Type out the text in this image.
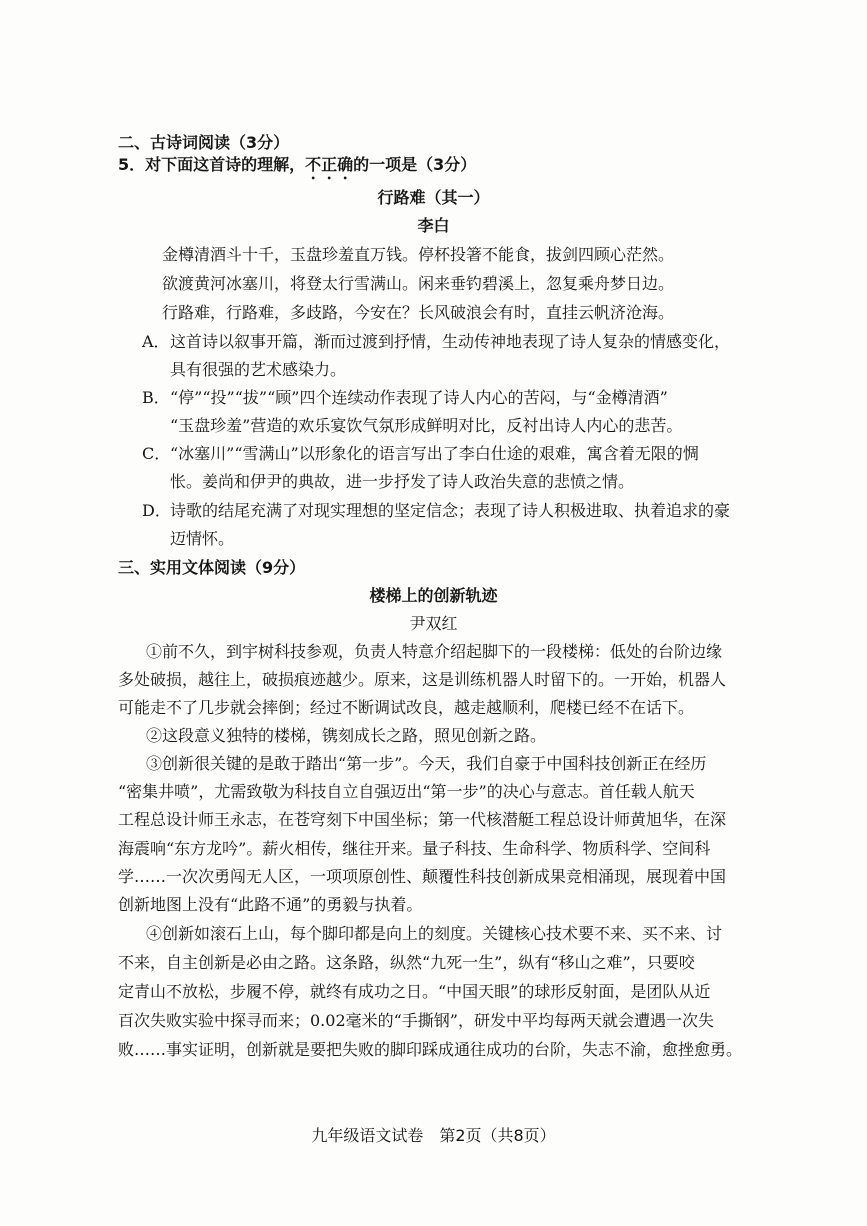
二、古诗词阅读（3分）
5．对下面这首诗的理解，不正确的一项是（3分）
行路难（其一）
李白
金樽清酒斗十千，玉盘珍羞直万钱。停杯投箸不能食，拔剑四顾心茫然。
欲渡黄河冰塞川，将登太行雪满山。闲来垂钓碧溪上，忽复乘舟梦日边。
行路难，行路难，多歧路，今安在？长风破浪会有时，直挂云帆济沧海。
A．这首诗以叙事开篇，渐而过渡到抒情，生动传神地表现了诗人复杂的情感变化，
具有很强的艺术感染力。
B．“停”“投”“拔”“顾”四个连续动作表现了诗人内心的苦闷，与“金樽清酒”
“玉盘珍羞”营造的欢乐宴饮气氛形成鲜明对比，反衬出诗人内心的悲苦。
C．“冰塞川”“雪满山”以形象化的语言写出了李白仕途的艰难，寓含着无限的惆
怅。姜尚和伊尹的典故，进一步抒发了诗人政治失意的悲愤之情。
D．诗歌的结尾充满了对现实理想的坚定信念；表现了诗人积极进取、执着追求的豪
迈情怀。
三、实用文体阅读（9分）
楼梯上的创新轨迹
尹双红
①前不久，到宇树科技参观，负责人特意介绍起脚下的一段楼梯：低处的台阶边缘
多处破损，越往上，破损痕迹越少。原来，这是训练机器人时留下的。一开始，机器人
可能走不了几步就会摔倒；经过不断调试改良，越走越顺利，爬楼已经不在话下。
②这段意义独特的楼梯，镌刻成长之路，照见创新之路。
③创新很关键的是敢于踏出“第一步”。今天，我们自豪于中国科技创新正在经历
“密集井喷”，尤需致敬为科技自立自强迈出“第一步”的决心与意志。首任载人航天
工程总设计师王永志，在苍穹刻下中国坐标；第一代核潜艇工程总设计师黄旭华，在深
海震响“东方龙吟”。薪火相传，继往开来。量子科技、生命科学、物质科学、空间科
学……一次次勇闯无人区，一项项原创性、颠覆性科技创新成果竞相涌现，展现着中国
创新地图上没有“此路不通”的勇毅与执着。
④创新如滚石上山，每个脚印都是向上的刻度。关键核心技术要不来、买不来、讨
不来，自主创新是必由之路。这条路，纵然“九死一生”，纵有“移山之难”，只要咬
定青山不放松，步履不停，就终有成功之日。“中国天眼”的球形反射面，是团队从近
百次失败实验中探寻而来；0.02毫米的“手撕钢”，研发中平均每两天就会遭遇一次失
败……事实证明，创新就是要把失败的脚印踩成通往成功的台阶，失志不渝，愈挫愈勇。
九年级语文试卷　第2页（共8页）
